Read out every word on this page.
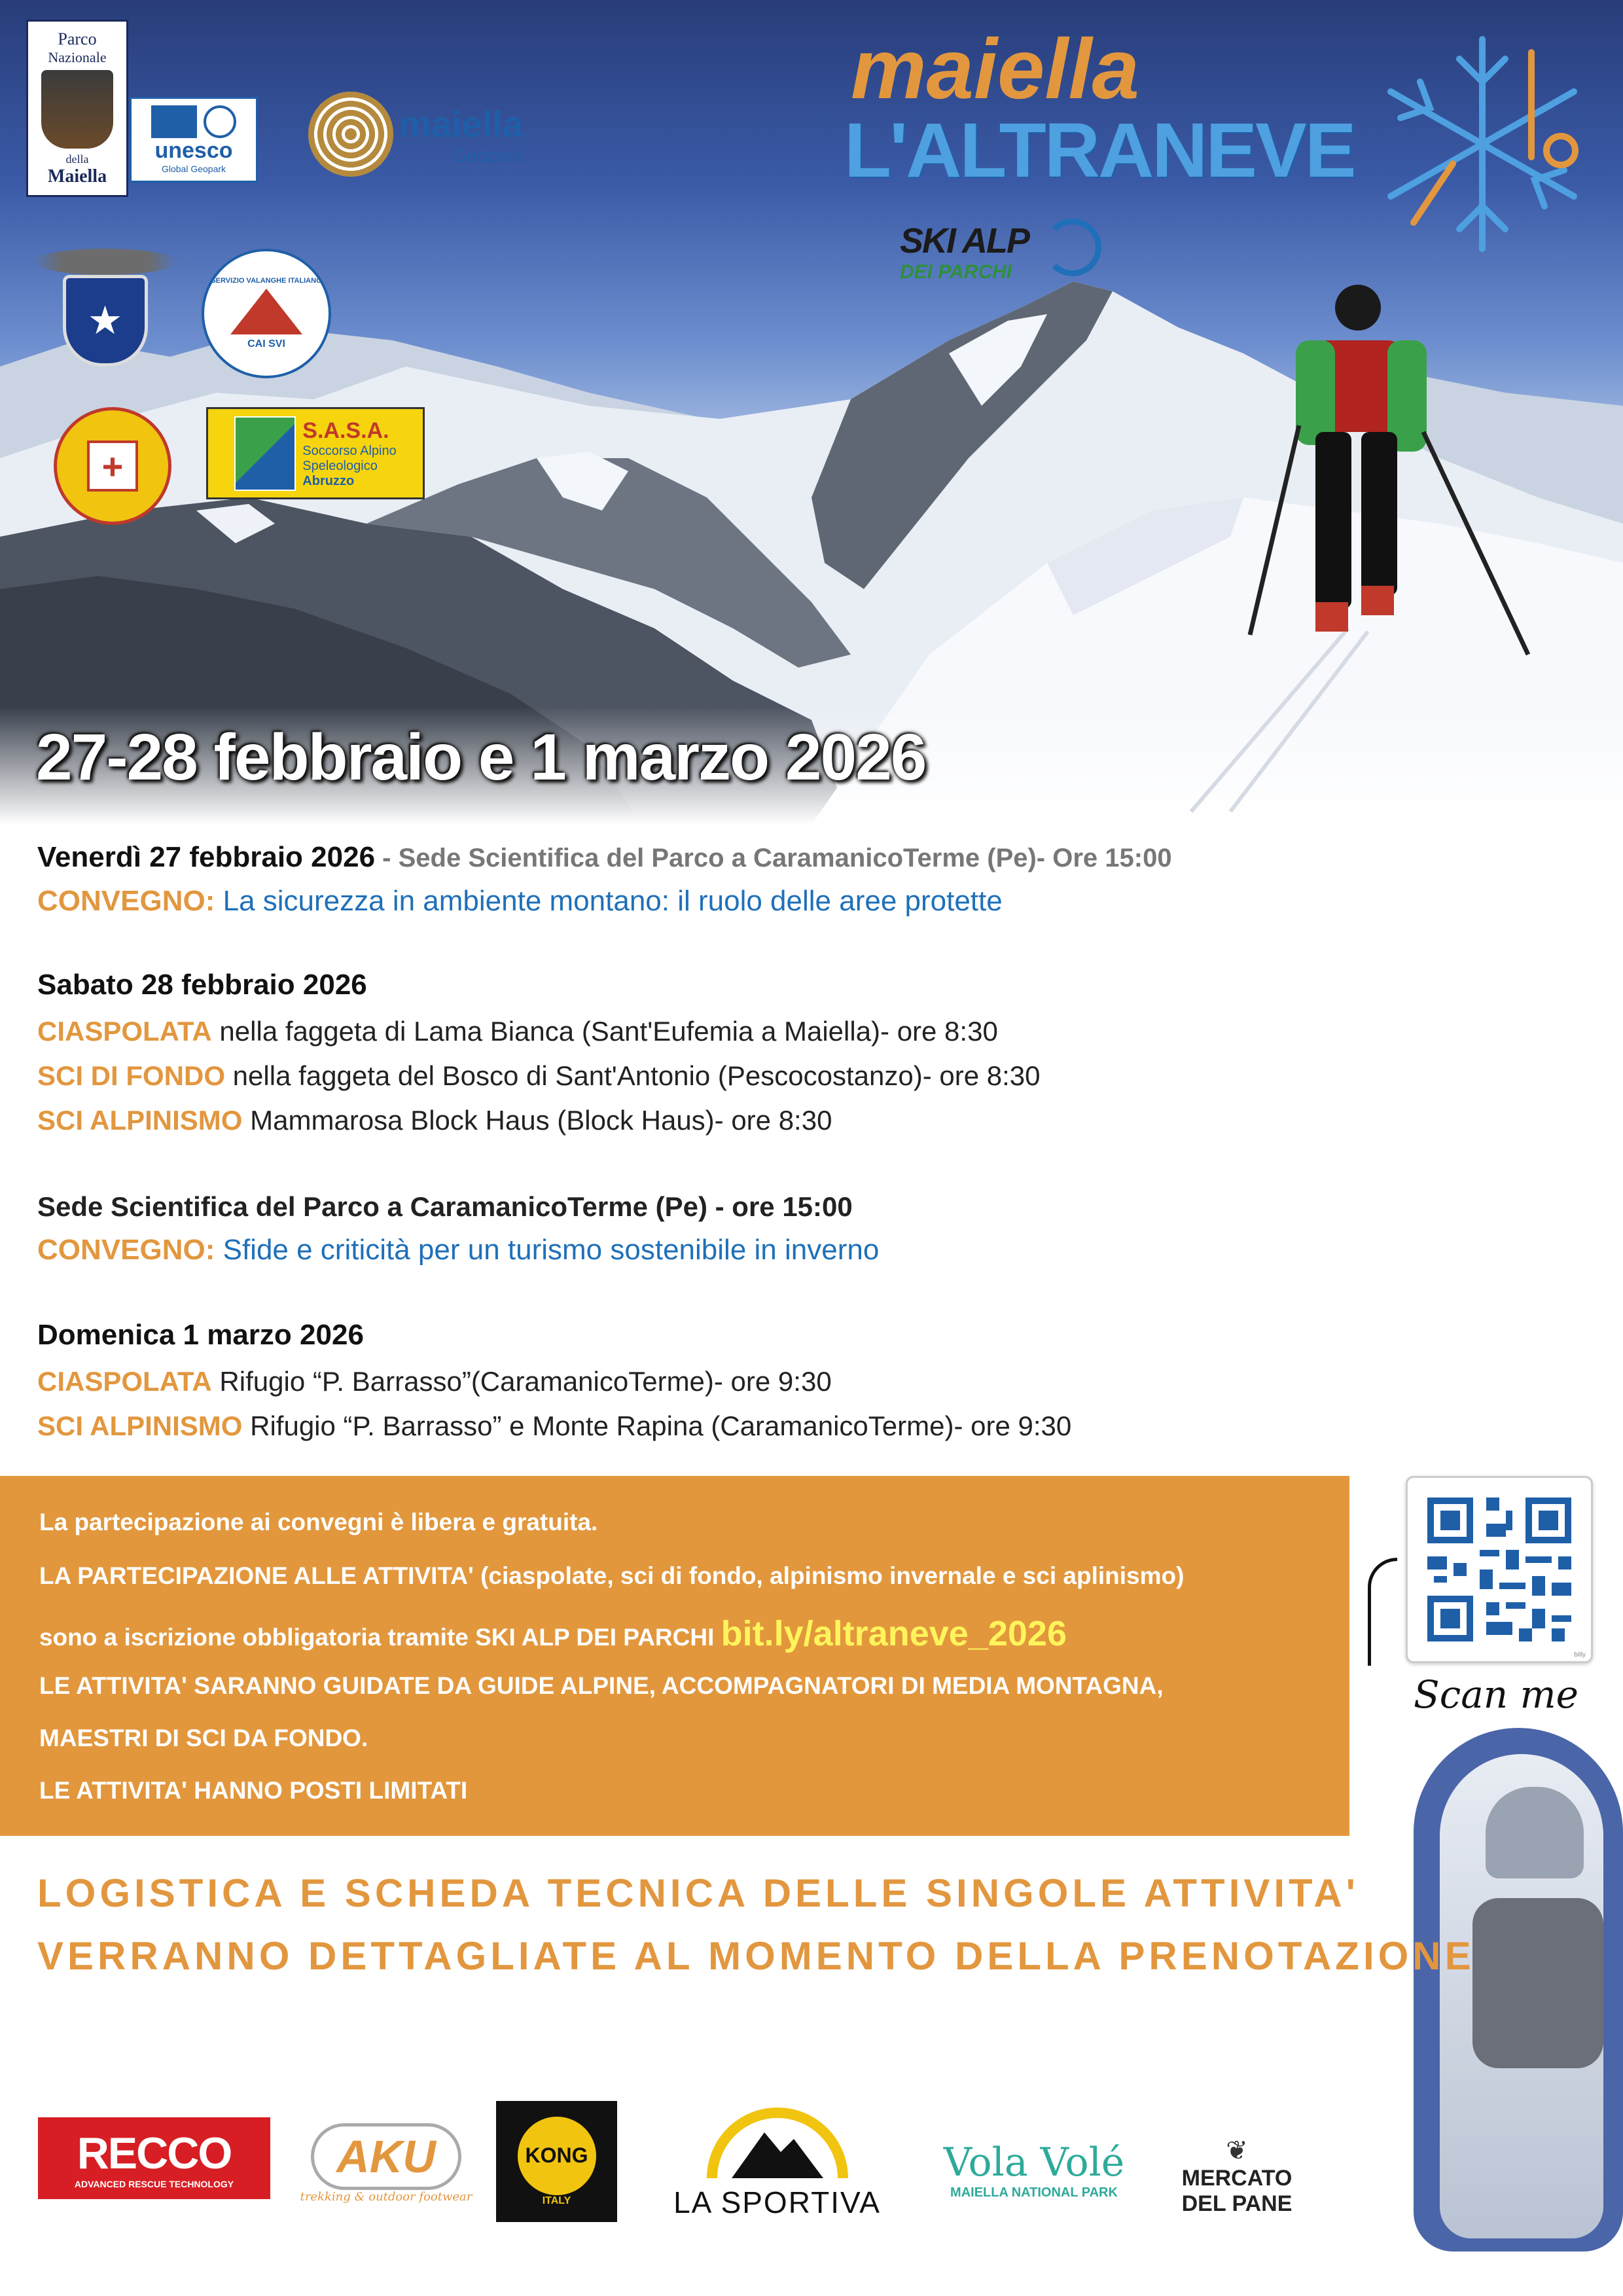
Parco
Nazionale
della
Maiella
unesco
Global Geopark
maiella
Geopark
★
SERVIZIO VALANGHE ITALIANO
CAI SVI
+
S.A.S.A.
Soccorso Alpino
Speleologico
Abruzzo
maiella
L'ALTRANEVE
SKI ALP
DEI PARCHI
27-28 febbraio e 1 marzo 2026
Venerdì 27 febbraio 2026 - Sede Scientifica del Parco a CaramanicoTerme (Pe)- Ore 15:00
CONVEGNO: La sicurezza in ambiente montano: il ruolo delle aree protette
Sabato 28 febbraio 2026
CIASPOLATA nella faggeta di Lama Bianca (Sant'Eufemia a Maiella)- ore 8:30
SCI DI FONDO nella faggeta del Bosco di Sant'Antonio (Pescocostanzo)- ore 8:30
SCI ALPINISMO Mammarosa Block Haus (Block Haus)- ore 8:30
Sede Scientifica del Parco a CaramanicoTerme (Pe) - ore 15:00
CONVEGNO: Sfide e criticità per un turismo sostenibile in inverno
Domenica 1 marzo 2026
CIASPOLATA Rifugio “P. Barrasso”(CaramanicoTerme)- ore 9:30
SCI ALPINISMO Rifugio “P. Barrasso” e Monte Rapina (CaramanicoTerme)- ore 9:30
La partecipazione ai convegni è libera e gratuita.
LA PARTECIPAZIONE ALLE ATTIVITA' (ciaspolate, sci di fondo, alpinismo invernale e sci aplinismo)
sono a iscrizione obbligatoria tramite SKI ALP DEI PARCHI bit.ly/altraneve_2026
LE ATTIVITA' SARANNO GUIDATE DA GUIDE ALPINE, ACCOMPAGNATORI DI MEDIA MONTAGNA,
MAESTRI DI SCI DA FONDO.
LE ATTIVITA' HANNO POSTI LIMITATI
bitly
Scan me
LOGISTICA E SCHEDA TECNICA DELLE SINGOLE ATTIVITA'
VERRANNO DETTAGLIATE AL MOMENTO DELLA PRENOTAZIONE
RECCO
ADVANCED RESCUE TECHNOLOGY
AKU
trekking & outdoor footwear
KONG
ITALY	LA SPORTIVA
Vola Volé
MAIELLA NATIONAL PARK
❦
MERCATO
DEL PANE
